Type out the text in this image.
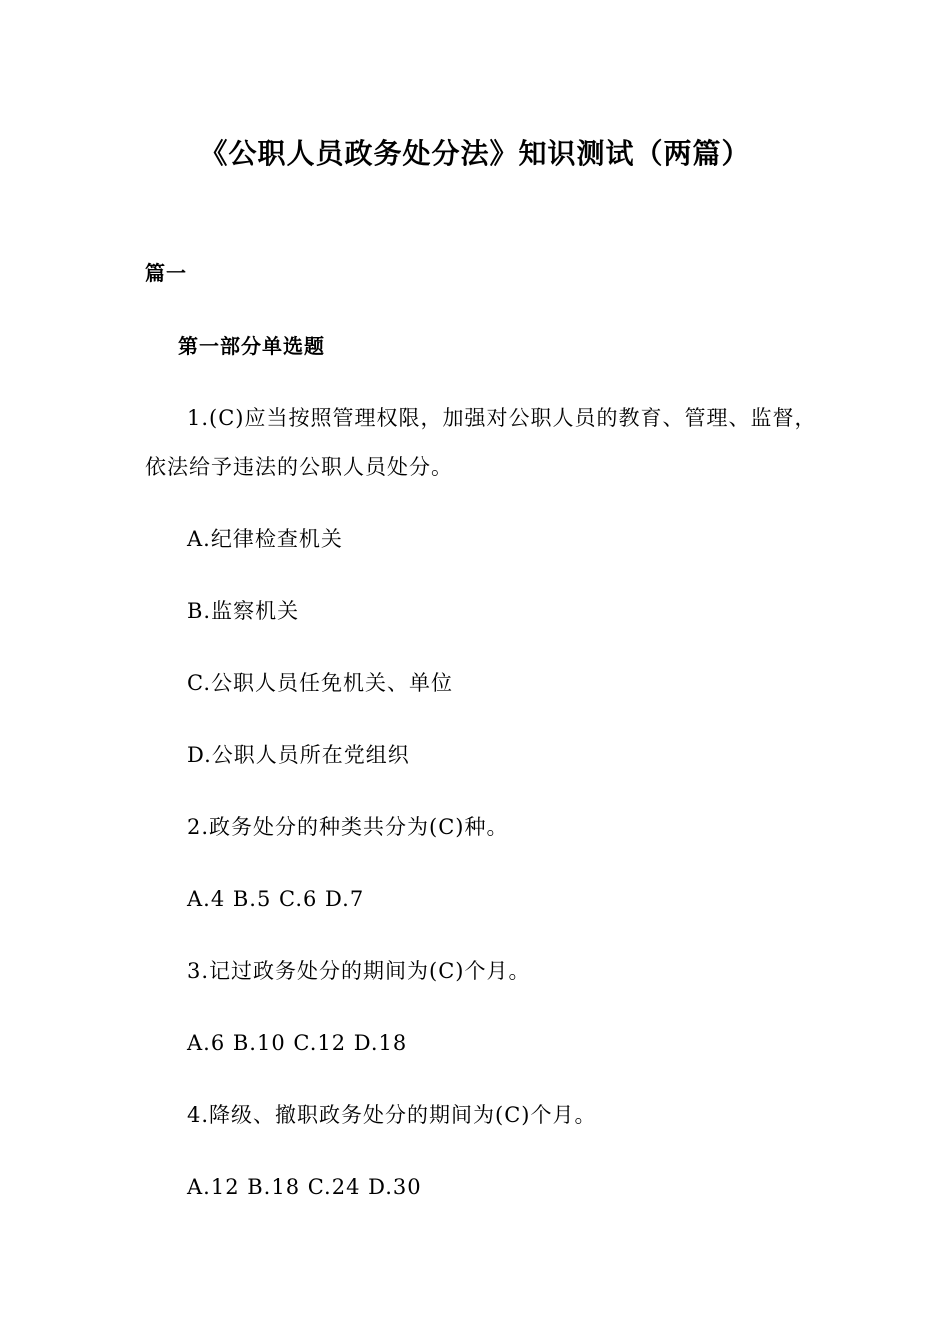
《公职人员政务处分法》知识测试（两篇）
篇一
第一部分单选题
1.(C)应当按照管理权限，加强对公职人员的教育、管理、监督，
依法给予违法的公职人员处分。
A.纪律检查机关
B.监察机关
C.公职人员任免机关、单位
D.公职人员所在党组织
2.政务处分的种类共分为(C)种。
A.4 B.5 C.6 D.7
3.记过政务处分的期间为(C)个月。
A.6 B.10 C.12 D.18
4.降级、撤职政务处分的期间为(C)个月。
A.12 B.18 C.24 D.30
